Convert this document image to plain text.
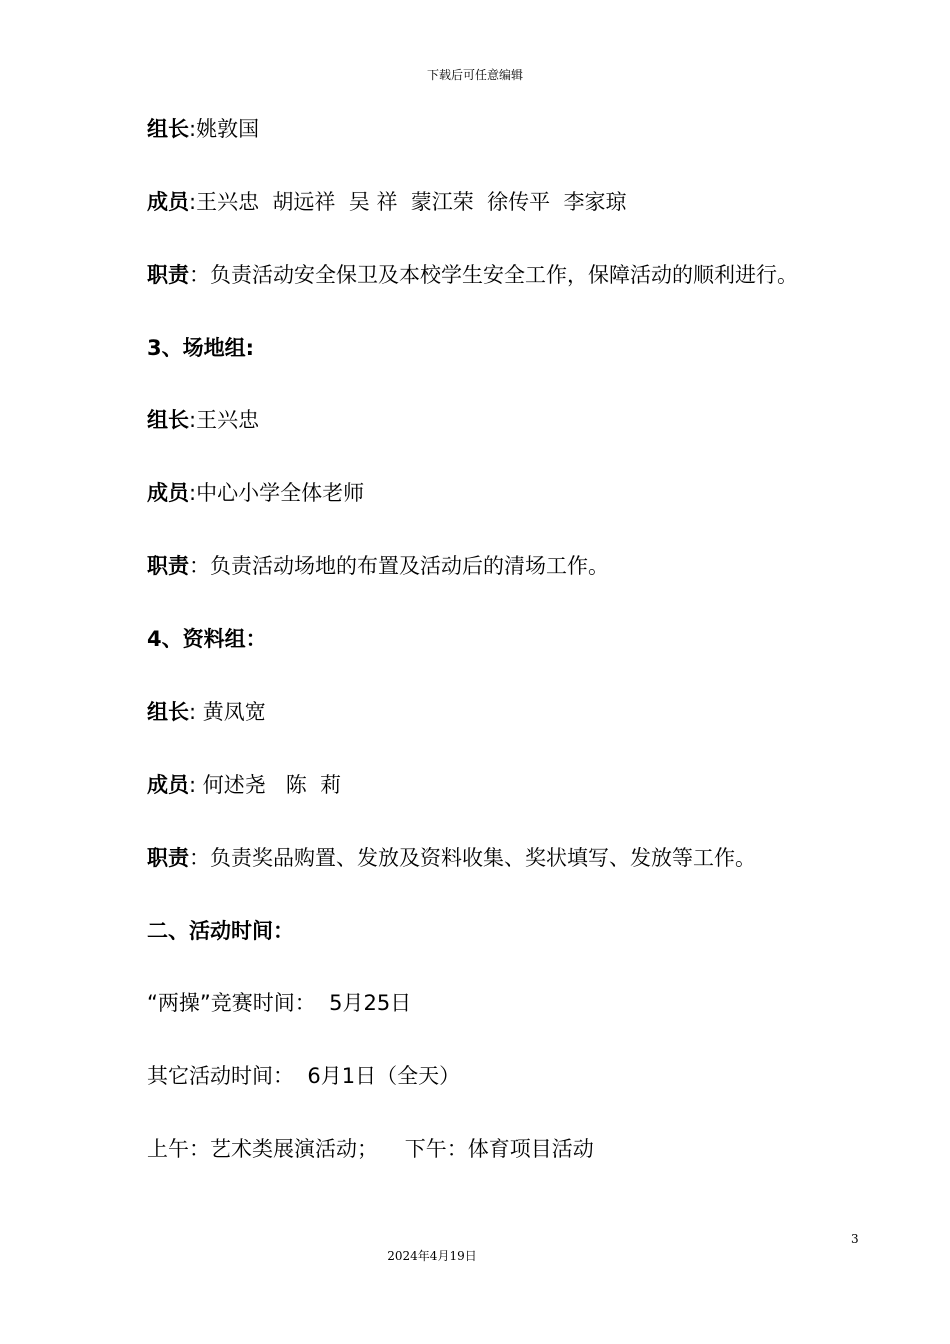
下载后可任意编辑
组长:姚敦国
成员:王兴忠  胡远祥  吴 祥  蒙江荣  徐传平  李家琼
职责：负责活动安全保卫及本校学生安全工作，保障活动的顺利进行。
3、场地组:
组长:王兴忠
成员:中心小学全体老师
职责：负责活动场地的布置及活动后的清场工作。
4、资料组：
组长: 黄凤宽
成员: 何述尧   陈  莉
职责：负责奖品购置、发放及资料收集、奖状填写、发放等工作。
二、活动时间：
“两操”竞赛时间：  5月25日
其它活动时间：  6月1日（全天）
上午：艺术类展演活动；    下午：体育项目活动
3
2024年4月19日
